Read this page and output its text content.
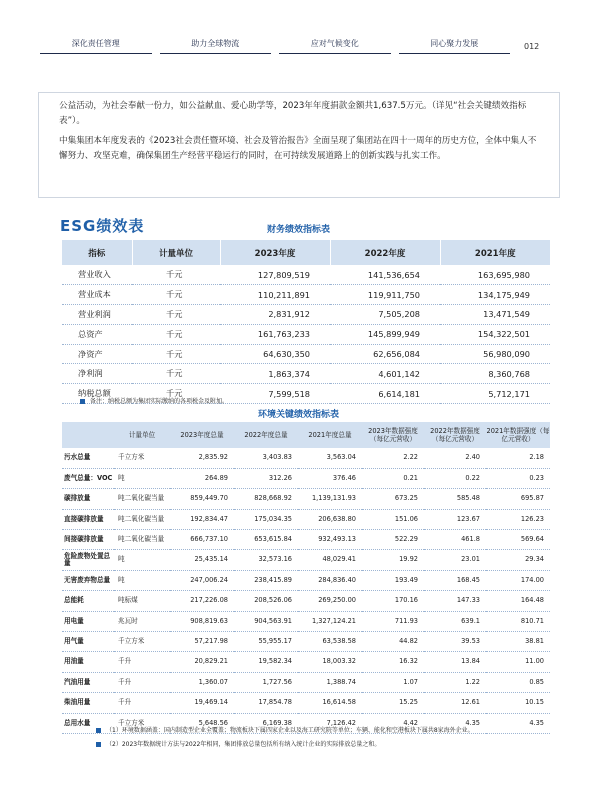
深化责任管理	助力全球物流	应对气候变化	同心聚力发展	012

公益活动，为社会奉献一份力，如公益献血、爱心助学等，2023年年度捐款金额共1,637.5万元。（详见“社会关键绩效指标表”）。

中集集团本年度发表的《2023社会责任暨环境、社会及管治报告》全面呈现了集团站在四十一周年的历史方位，全体中集人不懈努力、攻坚克难，确保集团生产经营平稳运行的同时，在可持续发展道路上的创新实践与扎实工作。

ESG绩效表	财务绩效指标表
指标	计量单位	2023年度	2022年度	2021年度
营业收入	千元	127,809,519	141,536,654	163,695,980
营业成本	千元	110,211,891	119,911,750	134,175,949
营业利润	千元	2,831,912	7,505,208	13,471,549
总资产	千元	161,763,233	145,899,949	154,322,501
净资产	千元	64,630,350	62,656,084	56,980,090
净利润	千元	1,863,374	4,601,142	8,360,768
纳税总额	千元	7,599,518	6,614,181	5,712,171
备注：纳税总额为集团实际缴纳的各项税金及附加。
环境关键绩效指标表
	计量单位	2023年度总量	2022年度总量	2021年度总量	2023年数据强度（每亿元营收）	2022年数据强度（每亿元营收）	2021年数据强度（每亿元营收）
污水总量	千立方米	2,835.92	3,403.83	3,563.04	2.22	2.40	2.18
废气总量：VOC	吨	264.89	312.26	376.46	0.21	0.22	0.23
碳排放量	吨二氧化碳当量	859,449.70	828,668.92	1,139,131.93	673.25	585.48	695.87
直接碳排放量	吨二氧化碳当量	192,834.47	175,034.35	206,638.80	151.06	123.67	126.23
间接碳排放量	吨二氧化碳当量	666,737.10	653,615.84	932,493.13	522.29	461.8	569.64
危险废物处置总量	吨	25,435.14	32,573.16	48,029.41	19.92	23.01	29.34
无害废弃物总量	吨	247,006.24	238,415.89	284,836.40	193.49	168.45	174.00
总能耗	吨标煤	217,226.08	208,526.06	269,250.00	170.16	147.33	164.48
用电量	兆瓦时	908,819.63	904,563.91	1,327,124.21	711.93	639.1	810.71
用气量	千立方米	57,217.98	55,955.17	63,538.58	44.82	39.53	38.81
用油量	千升	20,829.21	19,582.34	18,003.32	16.32	13.84	11.00
汽油用量	千升	1,360.07	1,727.56	1,388.74	1.07	1.22	0.85
柴油用量	千升	19,469.14	17,854.78	16,614.58	15.25	12.61	10.15
总用水量	千立方米	5,648.56	6,169.38	7,126.42	4.42	4.35	4.35
（1）环境数据涵盖：国内制造型企业全覆盖；物流板块下属四家企业以及海工研究院等单位；车辆、能化和空港板块下属共8家海外企业。
（2）2023年数据统计方法与2022年相同，集团排放总量包括所有纳入统计企业的实际排放总量之和。
